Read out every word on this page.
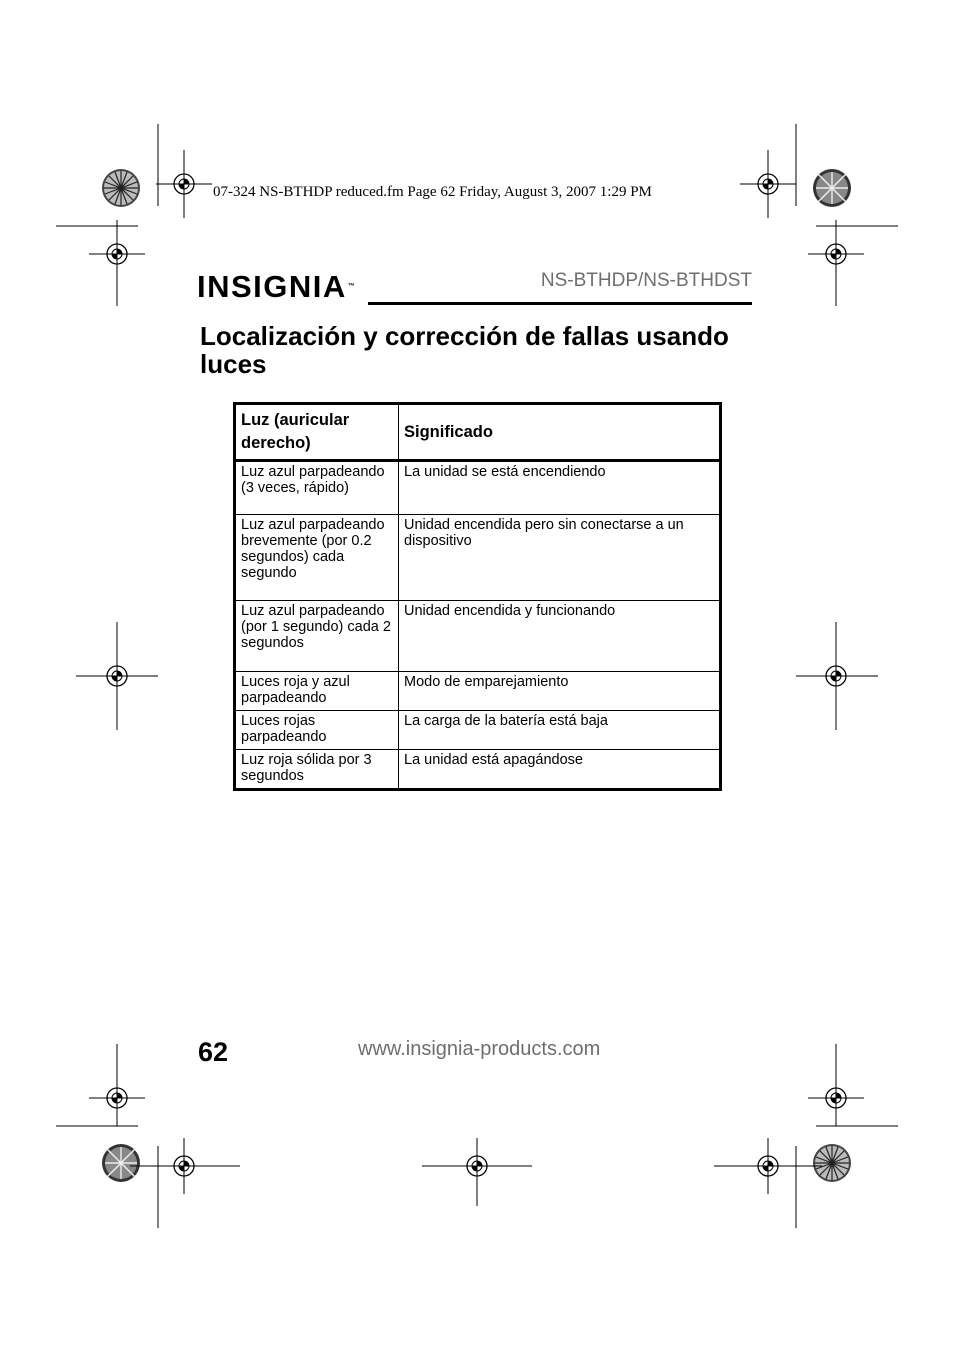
07-324 NS-BTHDP reduced.fm Page 62 Friday, August 3, 2007 1:29 PM
INSIGNIA™	NS-BTHDP/NS-BTHDST
Localización y corrección de fallas usando luces
Luz (auricular derecho)	Significado
Luz azul parpadeando (3 veces, rápido)	La unidad se está encendiendo
Luz azul parpadeando brevemente (por 0.2 segundos) cada segundo	Unidad encendida pero sin conectarse a un dispositivo
Luz azul parpadeando (por 1 segundo) cada 2 segundos	Unidad encendida y funcionando
Luces roja y azul parpadeando	Modo de emparejamiento
Luces rojas parpadeando	La carga de la batería está baja
Luz roja sólida por 3 segundos	La unidad está apagándose
62	www.insignia-products.com
